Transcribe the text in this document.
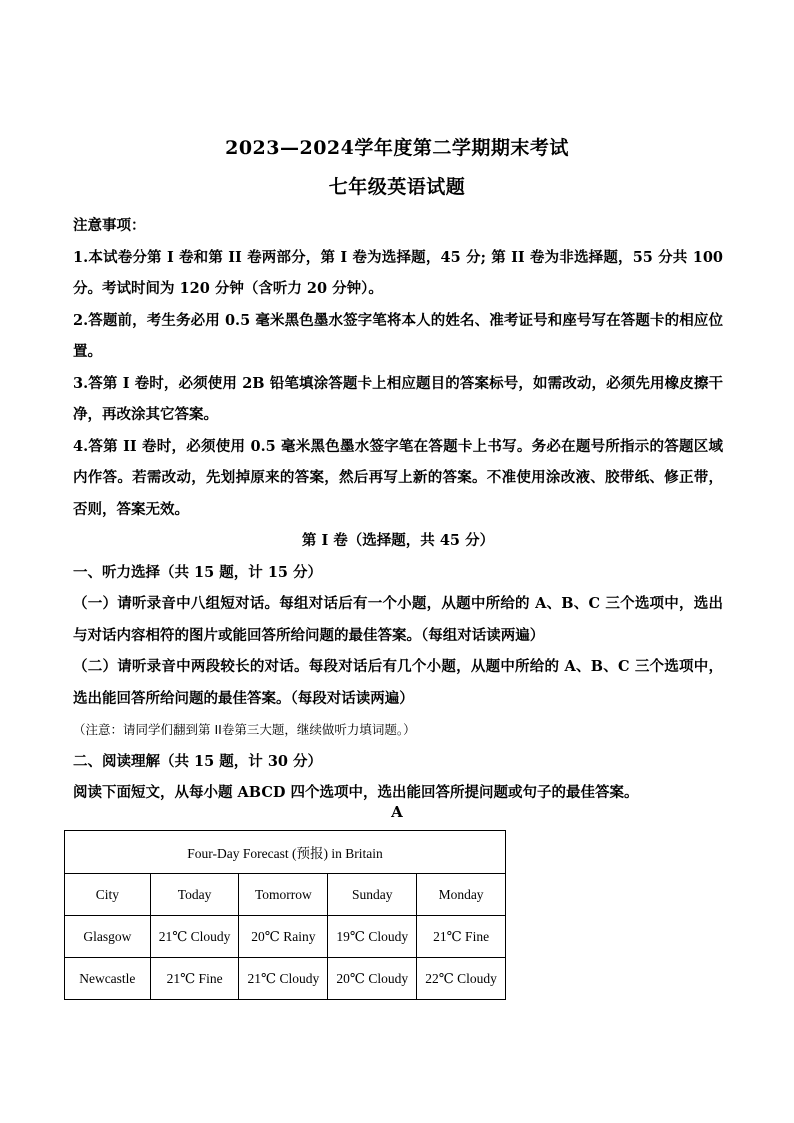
2023—2024学年度第二学期期末考试
七年级英语试题
注意事项：

1.本试卷分第 I 卷和第 II 卷两部分，第 I 卷为选择题，45 分; 第 II 卷为非选择题，55 分共 100 分。考试时间为 120 分钟（含听力 20 分钟）。

2.答题前，考生务必用 0.5 毫米黑色墨水签字笔将本人的姓名、准考证号和座号写在答题卡的相应位置。

3.答第 I 卷时，必须使用 2B 铅笔填涂答题卡上相应题目的答案标号，如需改动，必须先用橡皮擦干净，再改涂其它答案。

4.答第 II 卷时，必须使用 0.5 毫米黑色墨水签字笔在答题卡上书写。务必在题号所指示的答题区域内作答。若需改动，先划掉原来的答案，然后再写上新的答案。不准使用涂改液、胶带纸、修正带，否则，答案无效。

第 I 卷（选择题，共 45 分）
一、听力选择（共 15 题，计 15 分）

（一）请听录音中八组短对话。每组对话后有一个小题，从题中所给的 A、B、C 三个选项中，选出与对话内容相符的图片或能回答所给问题的最佳答案。（每组对话读两遍）

（二）请听录音中两段较长的对话。每段对话后有几个小题，从题中所给的 A、B、C 三个选项中，选出能回答所给问题的最佳答案。（每段对话读两遍）

（注意：请同学们翻到第 II卷第三大题，继续做听力填词题。）
二、阅读理解（共 15 题，计 30 分）
阅读下面短文，从每小题 ABCD 四个选项中，选出能回答所提问题或句子的最佳答案。
A
Four-Day Forecast (预报) in Britain				
City	Today	Tomorrow	Sunday	Monday
Glasgow	21℃ Cloudy	20℃ Rainy	19℃ Cloudy	21℃ Fine
Newcastle	21℃ Fine	21℃ Cloudy	20℃ Cloudy	22℃ Cloudy
